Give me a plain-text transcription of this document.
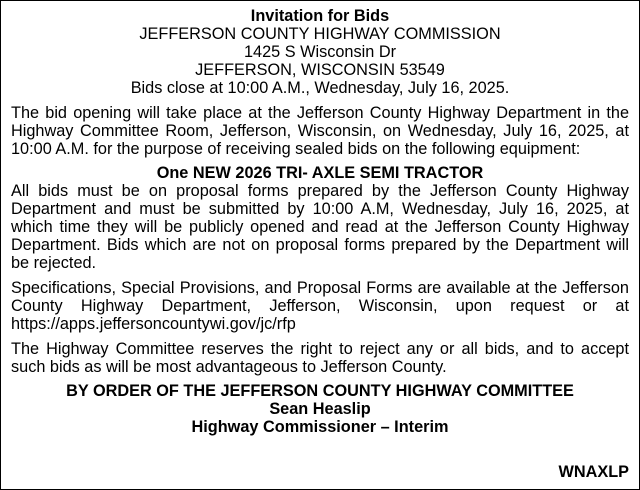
Invitation for Bids
JEFFERSON COUNTY HIGHWAY COMMISSION
1425 S Wisconsin Dr
JEFFERSON, WISCONSIN 53549
Bids close at 10:00 A.M., Wednesday, July 16, 2025.

The bid opening will take place at the Jefferson County Highway Department in the Highway Committee Room, Jefferson, Wisconsin, on Wednesday, July 16, 2025, at 10:00 A.M. for the purpose of receiving sealed bids on the following equipment:

One NEW 2026 TRI- AXLE SEMI TRACTOR

All bids must be on proposal forms prepared by the Jefferson County Highway Department and must be submitted by 10:00 A.M, Wednesday, July 16, 2025, at which time they will be publicly opened and read at the Jefferson County Highway Department. Bids which are not on proposal forms prepared by the Department will be rejected.

Specifications, Special Provisions, and Proposal Forms are available at the Jefferson County Highway Department, Jefferson, Wisconsin, upon request or at https://apps.jeffersoncountywi.gov/jc/rfp

The Highway Committee reserves the right to reject any or all bids, and to accept such bids as will be most advantageous to Jefferson County.

BY ORDER OF THE JEFFERSON COUNTY HIGHWAY COMMITTEE
Sean Heaslip
Highway Commissioner – Interim
WNAXLP
